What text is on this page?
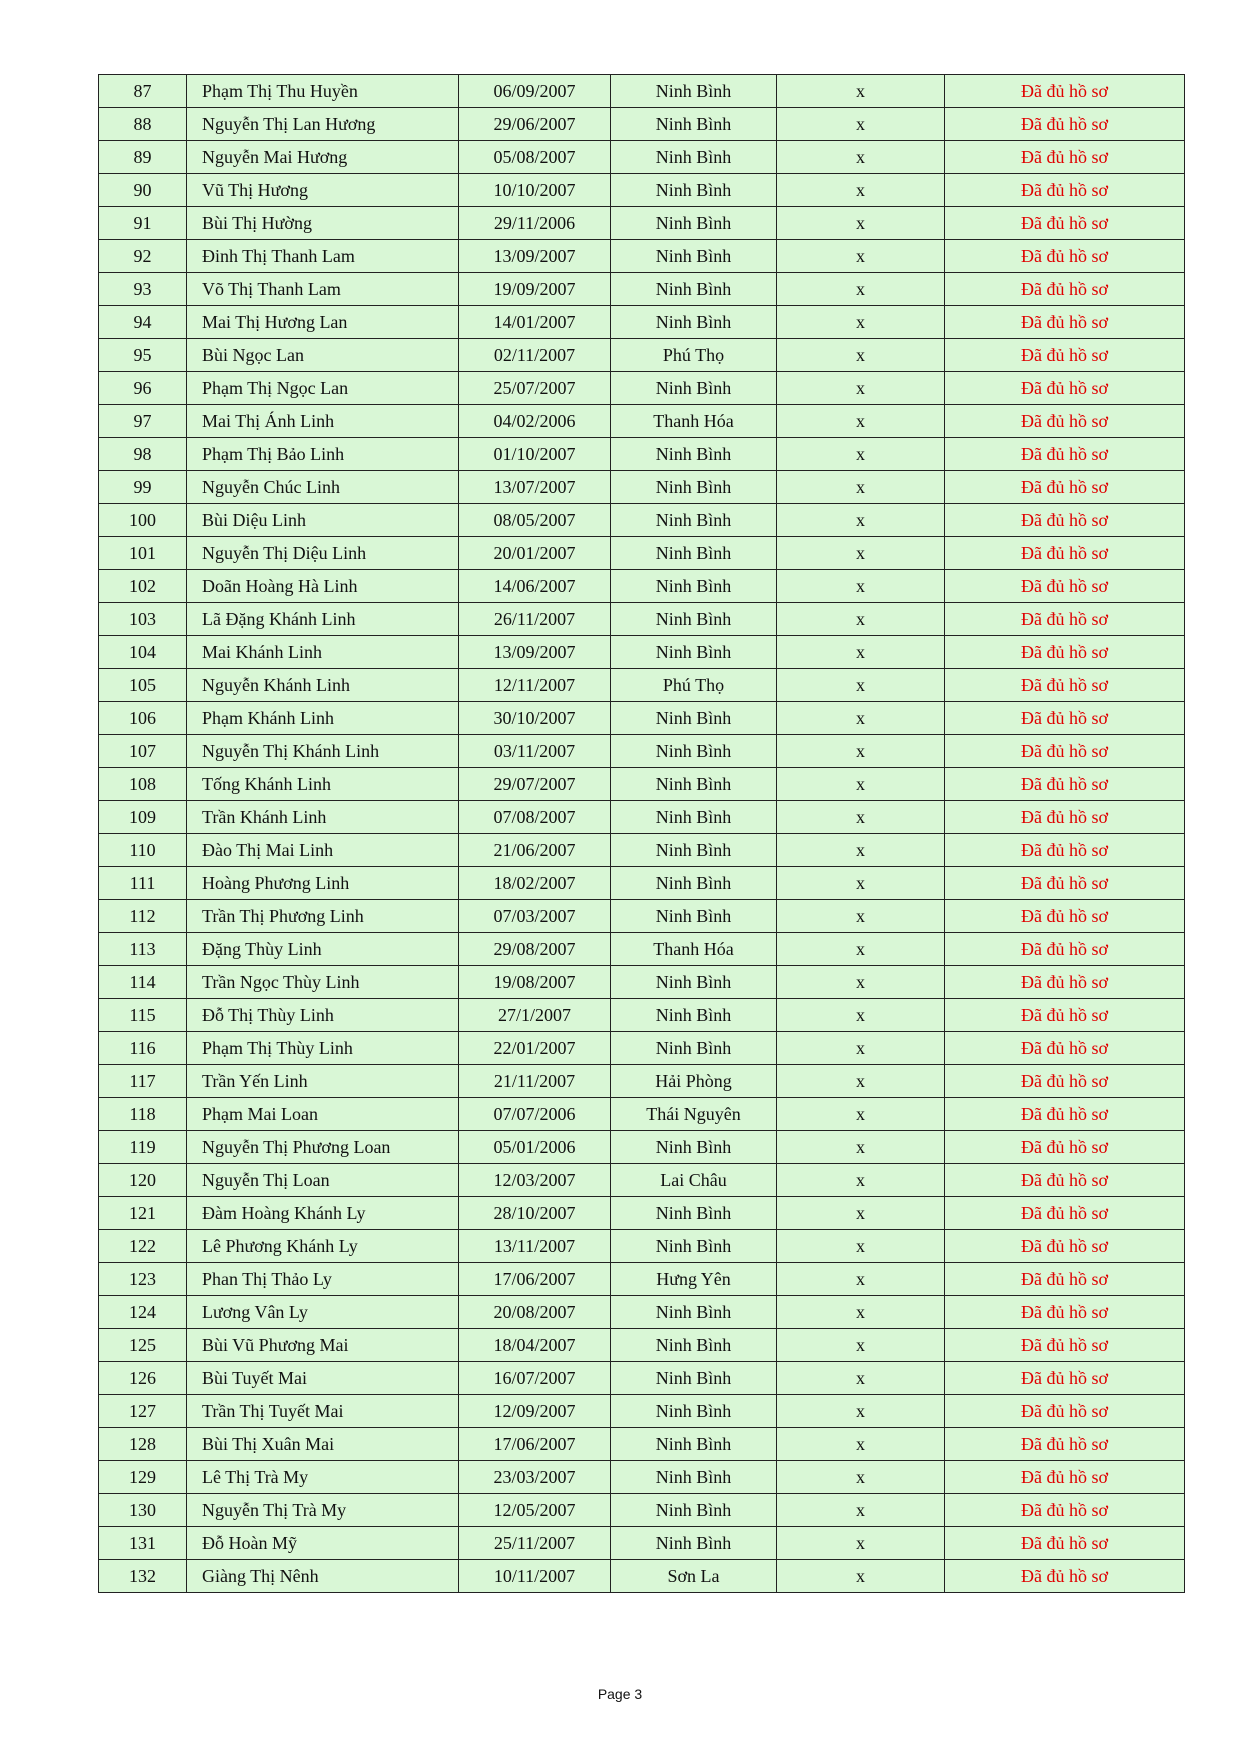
87	Phạm Thị Thu Huyền	06/09/2007	Ninh Bình	x	Đã đủ hồ sơ
88	Nguyễn Thị Lan Hương	29/06/2007	Ninh Bình	x	Đã đủ hồ sơ
89	Nguyễn Mai Hương	05/08/2007	Ninh Bình	x	Đã đủ hồ sơ
90	Vũ Thị Hương	10/10/2007	Ninh Bình	x	Đã đủ hồ sơ
91	Bùi Thị Hường	29/11/2006	Ninh Bình	x	Đã đủ hồ sơ
92	Đinh Thị Thanh Lam	13/09/2007	Ninh Bình	x	Đã đủ hồ sơ
93	Võ Thị Thanh Lam	19/09/2007	Ninh Bình	x	Đã đủ hồ sơ
94	Mai Thị Hương Lan	14/01/2007	Ninh Bình	x	Đã đủ hồ sơ
95	Bùi Ngọc Lan	02/11/2007	Phú Thọ	x	Đã đủ hồ sơ
96	Phạm Thị Ngọc Lan	25/07/2007	Ninh Bình	x	Đã đủ hồ sơ
97	Mai Thị Ánh Linh	04/02/2006	Thanh Hóa	x	Đã đủ hồ sơ
98	Phạm Thị Bảo Linh	01/10/2007	Ninh Bình	x	Đã đủ hồ sơ
99	Nguyễn Chúc Linh	13/07/2007	Ninh Bình	x	Đã đủ hồ sơ
100	Bùi Diệu Linh	08/05/2007	Ninh Bình	x	Đã đủ hồ sơ
101	Nguyễn Thị Diệu Linh	20/01/2007	Ninh Bình	x	Đã đủ hồ sơ
102	Doãn Hoàng Hà Linh	14/06/2007	Ninh Bình	x	Đã đủ hồ sơ
103	Lã Đặng Khánh Linh	26/11/2007	Ninh Bình	x	Đã đủ hồ sơ
104	Mai Khánh Linh	13/09/2007	Ninh Bình	x	Đã đủ hồ sơ
105	Nguyễn Khánh Linh	12/11/2007	Phú Thọ	x	Đã đủ hồ sơ
106	Phạm Khánh Linh	30/10/2007	Ninh Bình	x	Đã đủ hồ sơ
107	Nguyễn Thị Khánh Linh	03/11/2007	Ninh Bình	x	Đã đủ hồ sơ
108	Tống Khánh Linh	29/07/2007	Ninh Bình	x	Đã đủ hồ sơ
109	Trần Khánh Linh	07/08/2007	Ninh Bình	x	Đã đủ hồ sơ
110	Đào Thị Mai Linh	21/06/2007	Ninh Bình	x	Đã đủ hồ sơ
111	Hoàng Phương Linh	18/02/2007	Ninh Bình	x	Đã đủ hồ sơ
112	Trần Thị Phương Linh	07/03/2007	Ninh Bình	x	Đã đủ hồ sơ
113	Đặng Thùy Linh	29/08/2007	Thanh Hóa	x	Đã đủ hồ sơ
114	Trần Ngọc Thùy Linh	19/08/2007	Ninh Bình	x	Đã đủ hồ sơ
115	Đỗ Thị Thùy Linh	27/1/2007	Ninh Bình	x	Đã đủ hồ sơ
116	Phạm Thị Thùy Linh	22/01/2007	Ninh Bình	x	Đã đủ hồ sơ
117	Trần Yến Linh	21/11/2007	Hải Phòng	x	Đã đủ hồ sơ
118	Phạm Mai Loan	07/07/2006	Thái Nguyên	x	Đã đủ hồ sơ
119	Nguyễn Thị Phương Loan	05/01/2006	Ninh Bình	x	Đã đủ hồ sơ
120	Nguyễn Thị Loan	12/03/2007	Lai Châu	x	Đã đủ hồ sơ
121	Đàm Hoàng Khánh Ly	28/10/2007	Ninh Bình	x	Đã đủ hồ sơ
122	Lê Phương Khánh Ly	13/11/2007	Ninh Bình	x	Đã đủ hồ sơ
123	Phan Thị Thảo Ly	17/06/2007	Hưng Yên	x	Đã đủ hồ sơ
124	Lương Vân Ly	20/08/2007	Ninh Bình	x	Đã đủ hồ sơ
125	Bùi Vũ Phương Mai	18/04/2007	Ninh Bình	x	Đã đủ hồ sơ
126	Bùi Tuyết Mai	16/07/2007	Ninh Bình	x	Đã đủ hồ sơ
127	Trần Thị Tuyết Mai	12/09/2007	Ninh Bình	x	Đã đủ hồ sơ
128	Bùi Thị Xuân Mai	17/06/2007	Ninh Bình	x	Đã đủ hồ sơ
129	Lê Thị Trà My	23/03/2007	Ninh Bình	x	Đã đủ hồ sơ
130	Nguyễn Thị Trà My	12/05/2007	Ninh Bình	x	Đã đủ hồ sơ
131	Đỗ Hoàn Mỹ	25/11/2007	Ninh Bình	x	Đã đủ hồ sơ
132	Giàng Thị Nênh	10/11/2007	Sơn La	x	Đã đủ hồ sơ
Page 3
